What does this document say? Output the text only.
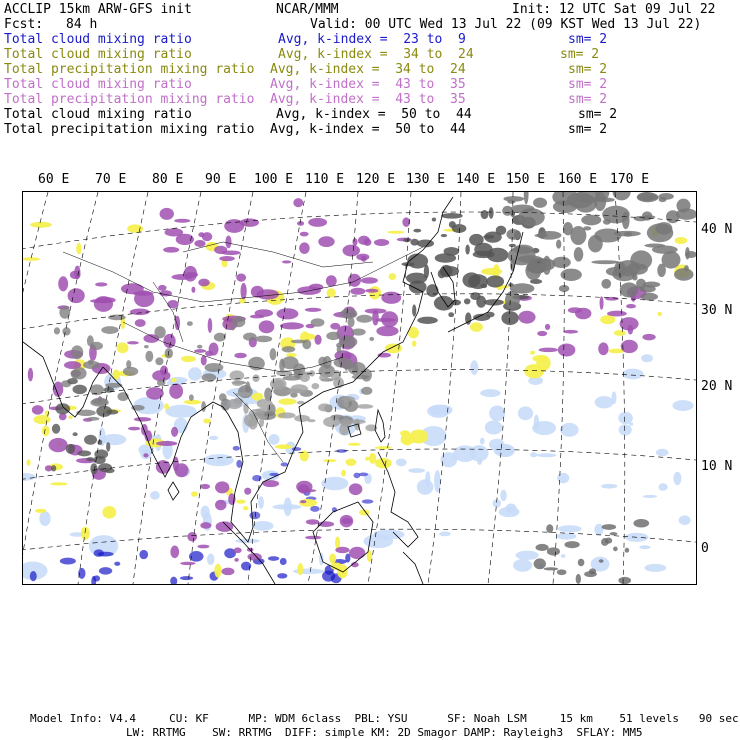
ACCLIP 15km ARW-GFS init	NCAR/MMM	Init: 12 UTC Sat 09 Jul 22
Fcst: 84 h	Valid: 00 UTC Wed 13 Jul 22 (09 KST Wed 13 Jul 22)
Total cloud mixing ratio	Avg, k-index =  23 to  9	sm= 2
Total cloud mixing ratio	Avg, k-index =  34 to  24	sm= 2
Total precipitation mixing ratio Avg, k-index =  34 to  24	sm= 2
Total cloud mixing ratio	Avg, k-index =  43 to  35	sm= 2
Total precipitation mixing ratio Avg, k-index =  43 to  35	sm= 2
Total cloud mixing ratio	Avg, k-index =  50 to  44	sm= 2
Total precipitation mixing ratio Avg, k-index =  50 to  44	sm= 2
60 E 70 E 80 E 90 E 100 E 110 E 120 E 130 E 140 E 150 E 160 E 170 E
40 N
30 N
20 N
10 N
0
Model Info: V4.4     CU: KF      MP: WDM 6class  PBL: YSU      SF: Noah LSM     15 km    51 levels   90 sec
LW: RRTMG    SW: RRTMG  DIFF: simple KM: 2D Smagor DAMP: Rayleigh3  SFLAY: MM5
